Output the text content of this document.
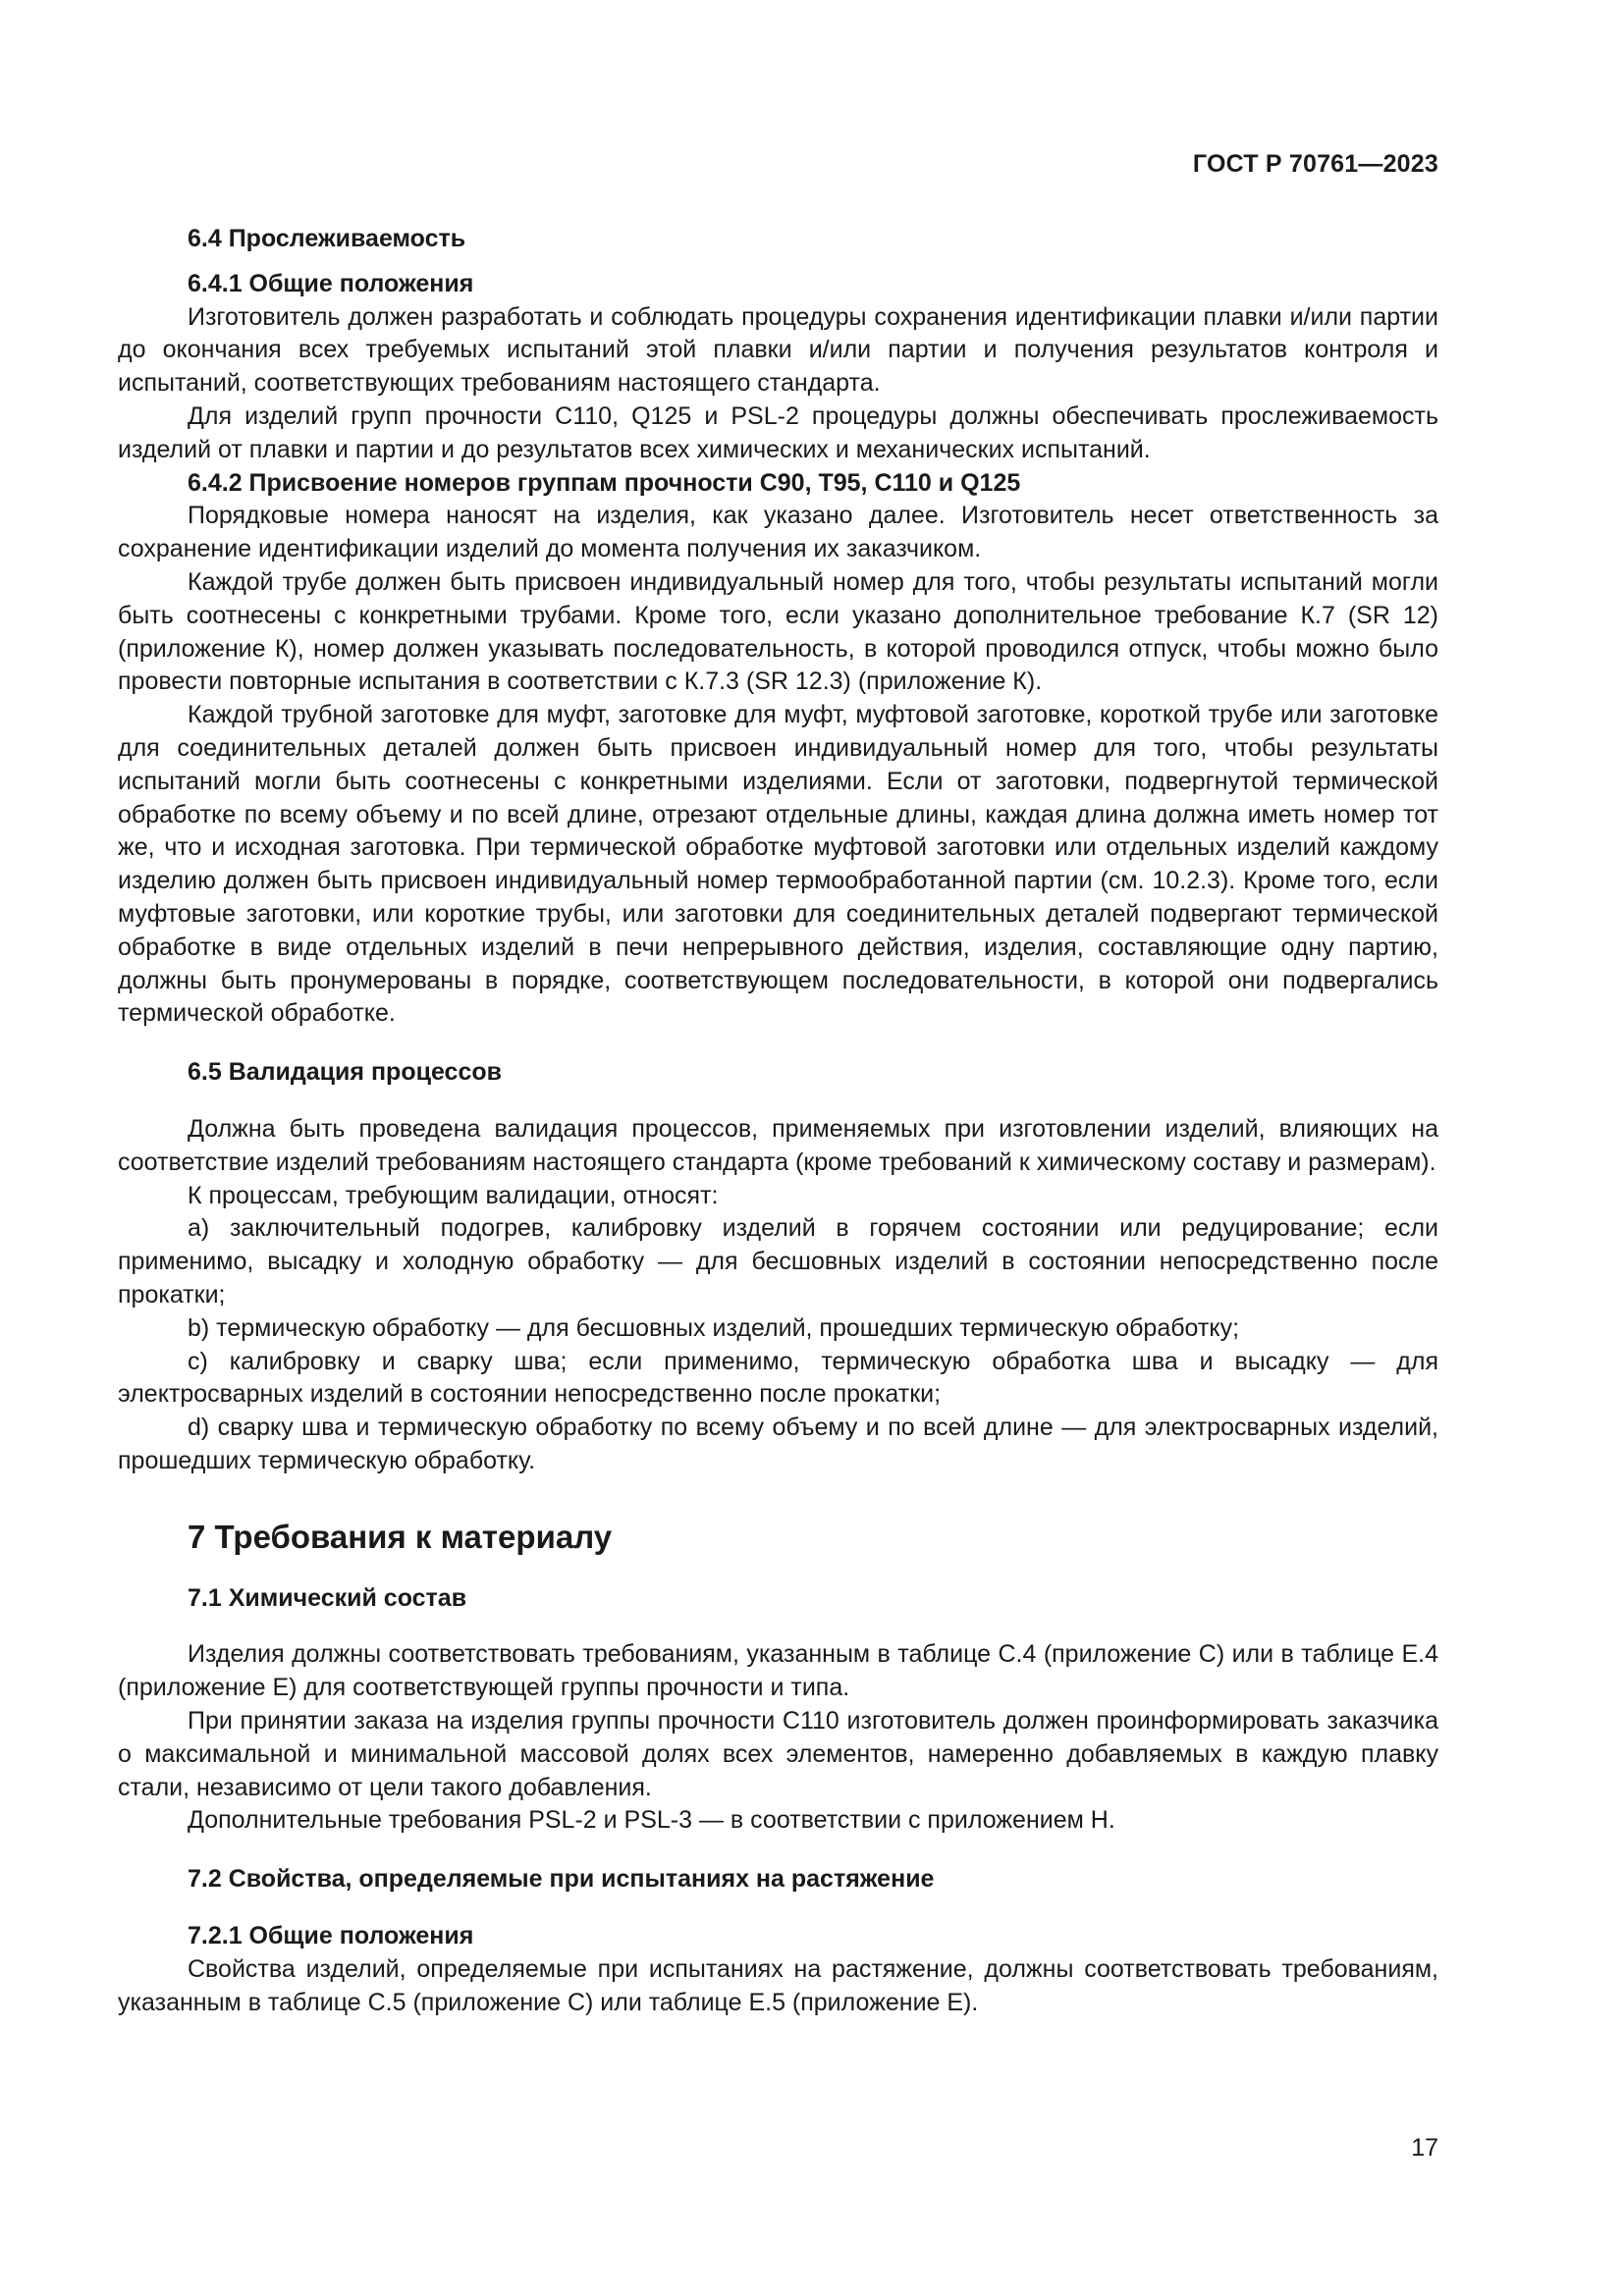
ГОСТ Р 70761—2023

6.4 Прослеживаемость

6.4.1 Общие положения

Изготовитель должен разработать и соблюдать процедуры сохранения идентификации плавки и/или партии до окончания всех требуемых испытаний этой плавки и/или партии и получения результатов контроля и испытаний, соответствующих требованиям настоящего стандарта.

Для изделий групп прочности С110, Q125 и PSL-2 процедуры должны обеспечивать прослеживаемость изделий от плавки и партии и до результатов всех химических и механических испытаний.

6.4.2 Присвоение номеров группам прочности С90, Т95, С110 и Q125

Порядковые номера наносят на изделия, как указано далее. Изготовитель несет ответственность за сохранение идентификации изделий до момента получения их заказчиком.

Каждой трубе должен быть присвоен индивидуальный номер для того, чтобы результаты испытаний могли быть соотнесены с конкретными трубами. Кроме того, если указано дополнительное требование К.7 (SR 12) (приложение К), номер должен указывать последовательность, в которой проводился отпуск, чтобы можно было провести повторные испытания в соответствии с К.7.3 (SR 12.3) (приложение К).

Каждой трубной заготовке для муфт, заготовке для муфт, муфтовой заготовке, короткой трубе или заготовке для соединительных деталей должен быть присвоен индивидуальный номер для того, чтобы результаты испытаний могли быть соотнесены с конкретными изделиями. Если от заготовки, подвергнутой термической обработке по всему объему и по всей длине, отрезают отдельные длины, каждая длина должна иметь номер тот же, что и исходная заготовка. При термической обработке муфтовой заготовки или отдельных изделий каждому изделию должен быть присвоен индивидуальный номер термообработанной партии (см. 10.2.3). Кроме того, если муфтовые заготовки, или короткие трубы, или заготовки для соединительных деталей подвергают термической обработке в виде отдельных изделий в печи непрерывного действия, изделия, составляющие одну партию, должны быть пронумерованы в порядке, соответствующем последовательности, в которой они подвергались термической обработке.

6.5 Валидация процессов

Должна быть проведена валидация процессов, применяемых при изготовлении изделий, влияющих на соответствие изделий требованиям настоящего стандарта (кроме требований к химическому составу и размерам).

К процессам, требующим валидации, относят:

a) заключительный подогрев, калибровку изделий в горячем состоянии или редуцирование; если применимо, высадку и холодную обработку — для бесшовных изделий в состоянии непосредственно после прокатки;

b) термическую обработку — для бесшовных изделий, прошедших термическую обработку;

c) калибровку и сварку шва; если применимо, термическую обработка шва и высадку — для электросварных изделий в состоянии непосредственно после прокатки;

d) сварку шва и термическую обработку по всему объему и по всей длине — для электросварных изделий, прошедших термическую обработку.

7 Требования к материалу

7.1 Химический состав

Изделия должны соответствовать требованиям, указанным в таблице С.4 (приложение С) или в таблице Е.4 (приложение Е) для соответствующей группы прочности и типа.

При принятии заказа на изделия группы прочности С110 изготовитель должен проинформировать заказчика о максимальной и минимальной массовой долях всех элементов, намеренно добавляемых в каждую плавку стали, независимо от цели такого добавления.

Дополнительные требования PSL-2 и PSL-3 — в соответствии с приложением Н.

7.2 Свойства, определяемые при испытаниях на растяжение

7.2.1 Общие положения

Свойства изделий, определяемые при испытаниях на растяжение, должны соответствовать требованиям, указанным в таблице С.5 (приложение С) или таблице Е.5 (приложение Е).

17
